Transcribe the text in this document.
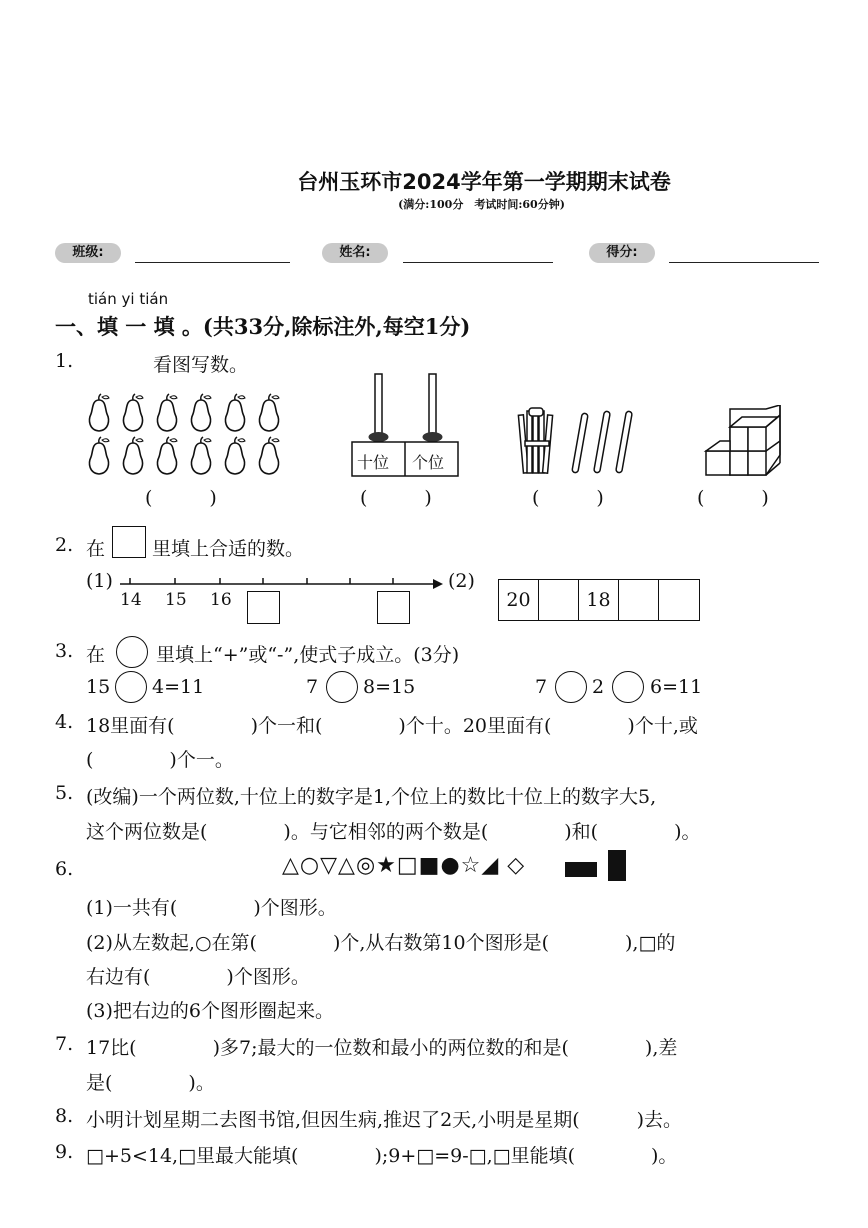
台州玉环市2024学年第一学期期末试卷
(满分:100分　考试时间:60分钟)
班级:	姓名:	得分:
tián yi tián
一、填 一 填 。(共33分,除标注外,每空1分)
1.	看图写数。
十位 个位
(　　　)	(　　　)	(　　　)	(　　　)
2. 在 里填上合适的数。
(1)
14 15 16
(2)
20	18
3. 在	里填上“+”或“-”,使式子成立。(3分)
15 4=11	7 8=15	7 2 6=11
4. 18里面有(　　　　)个一和(　　　　)个十。20里面有(　　　　)个十,或
(　　　　)个一。
5. (改编)一个两位数,十位上的数字是1,个位上的数比十位上的数字大5,
这个两位数是(　　　　)。与它相邻的两个数是(　　　　)和(　　　　)。
6.	△○▽△◎★□■●☆◢ ◇
(1)一共有(　　　　)个图形。
(2)从左数起,○在第(　　　　)个,从右数第10个图形是(　　　　),□的
右边有(　　　　)个图形。
(3)把右边的6个图形圈起来。
7. 17比(　　　　)多7;最大的一位数和最小的两位数的和是(　　　　),差
是(　　　　)。
8. 小明计划星期二去图书馆,但因生病,推迟了2天,小明是星期(　　　)去。
9. □+5<14,□里最大能填(　　　　);9+□=9-□,□里能填(　　　　)。
